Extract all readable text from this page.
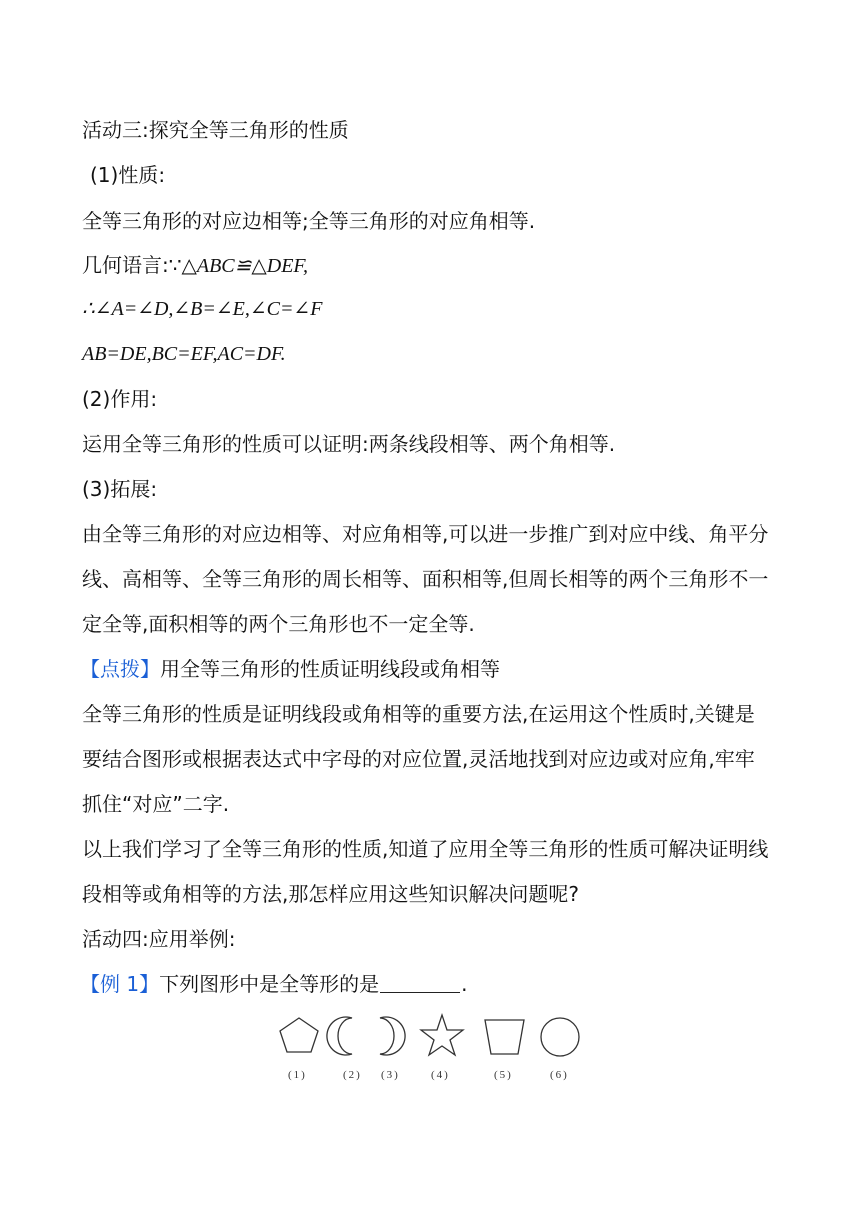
活动三:探究全等三角形的性质
(1)性质:
全等三角形的对应边相等;全等三角形的对应角相等.
几何语言:∵△ABC≌△DEF,
∴∠A=∠D,∠B=∠E,∠C=∠F
AB=DE,BC=EF,AC=DF.
(2)作用:
运用全等三角形的性质可以证明:两条线段相等、两个角相等.
(3)拓展:
由全等三角形的对应边相等、对应角相等,可以进一步推广到对应中线、角平分
线、高相等、全等三角形的周长相等、面积相等,但周长相等的两个三角形不一
定全等,面积相等的两个三角形也不一定全等.
【点拨】用全等三角形的性质证明线段或角相等
全等三角形的性质是证明线段或角相等的重要方法,在运用这个性质时,关键是
要结合图形或根据表达式中字母的对应位置,灵活地找到对应边或对应角,牢牢
抓住“对应”二字.
以上我们学习了全等三角形的性质,知道了应用全等三角形的性质可解决证明线
段相等或角相等的方法,那怎样应用这些知识解决问题呢?
活动四:应用举例:
【例 1】下列图形中是全等形的是	.
(1)	(2) (3)	(4)	(5)	(6)
